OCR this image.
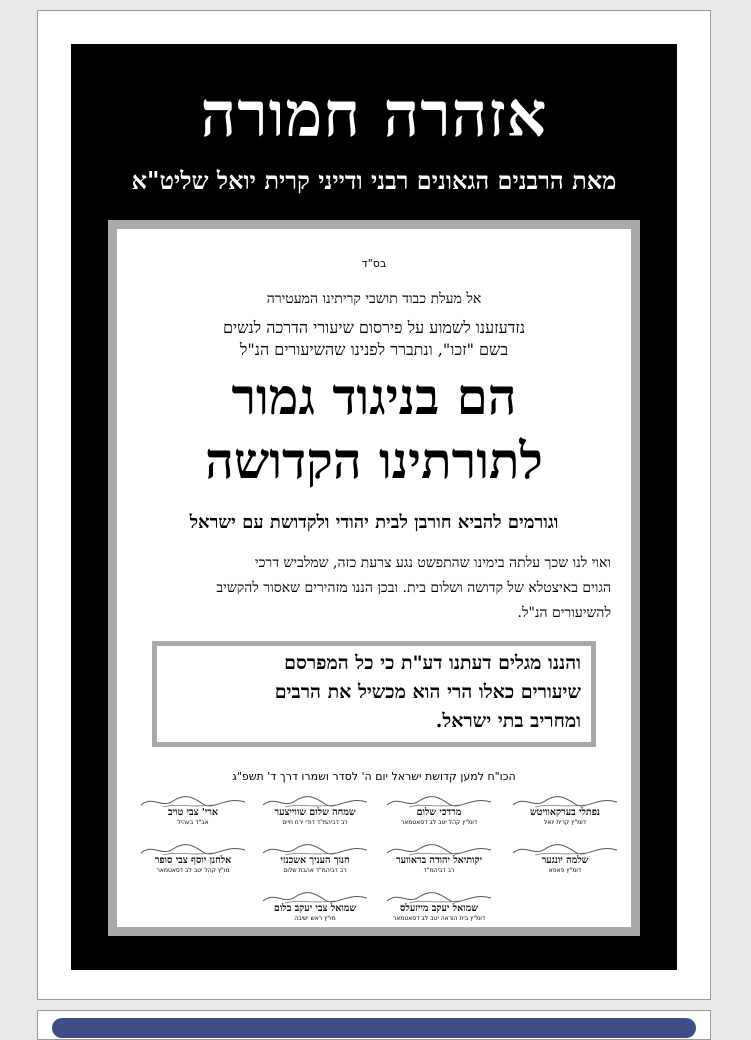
אזהרה חמורה
מאת הרבנים הגאונים רבני ודייני קרית יואל שליט"א
בס"ד
אל מעלת כבוד תושבי קריתינו המעטירה
נזדעזענו לשמוע על פירסום שיעורי הדרכה לנשים
בשם "זכו", ונתברר לפנינו שהשיעורים הנ"ל
הם בניגוד גמור
לתורתינו הקדושה
וגורמים להביא חורבן לבית יהודי ולקדושת עם ישראל
ואוי לנו שכך עלתה בימינו שהתפשט נגע צרעת כזה, שמלביש דרכי
הגוים באיצטלא של קדושה ושלום בית. ובכן הננו מזהירים שאסור להקשיב
להשיעורים הנ"ל.
והננו מגלים דעתנו דע"ת כי כל המפרסם
שיעורים כאלו הרי הוא מכשיל את הרבים
ומחריב בתי ישראל.
הכו"ח למען קדושת ישראל יום ה' לסדר ושמרו דרך ד' תשפ"ג
נפתלי בערקאוויטש
דומ"ץ קרית יואל
מרדכי שלום
דומ"ץ קהל יטב לב דסאטמאר
שמחה שלום שווייצער
רב דביהמ"ד דודי ירח חיים
ארי' צבי טויב
אב"ד בעהיל
אלחנן יוסף צבי סופר
מו"ץ קהל יטב לב דסאטמאר
חנוך העניך אשכנזי
רב דביהמ"ד אהבת שלום
יקותיאל יהודה בראווער
רב דביהמ"ד
שלמה יונגער
דומ"ץ פאפא
שמואל יעקב מייזעלס
דומ"ץ בית הוראה יטב לב דסאטמאר
שמואל צבי יעקב בלום
מו"ץ ראש ישיבה
